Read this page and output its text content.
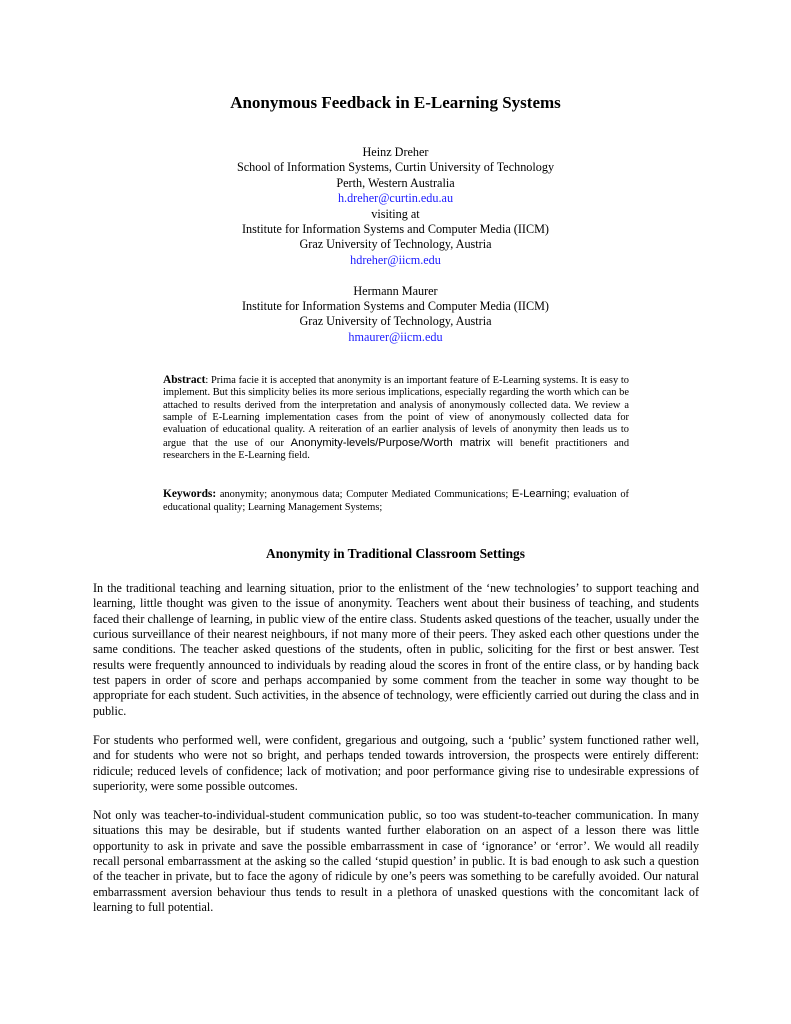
Anonymous Feedback in E-Learning Systems
Heinz Dreher
School of Information Systems, Curtin University of Technology
Perth, Western Australia
h.dreher@curtin.edu.au
visiting at
Institute for Information Systems and Computer Media (IICM)
Graz University of Technology, Austria
hdreher@iicm.edu
Hermann Maurer
Institute for Information Systems and Computer Media (IICM)
Graz University of Technology, Austria
hmaurer@iicm.edu

Abstract: Prima facie it is accepted that anonymity is an important feature of E-Learning systems. It is easy to implement. But this simplicity belies its more serious implications, especially regarding the worth which can be attached to results derived from the interpretation and analysis of anonymously collected data. We review a sample of E-Learning implementation cases from the point of view of anonymously collected data for evaluation of educational quality. A reiteration of an earlier analysis of levels of anonymity then leads us to argue that the use of our Anonymity-levels/Purpose/Worth matrix will benefit practitioners and researchers in the E-Learning field.

Keywords: anonymity; anonymous data; Computer Mediated Communications; E-Learning; evaluation of educational quality; Learning Management Systems;

Anonymity in Traditional Classroom Settings

In the traditional teaching and learning situation, prior to the enlistment of the ‘new technologies’ to support teaching and learning, little thought was given to the issue of anonymity. Teachers went about their business of teaching, and students faced their challenge of learning, in public view of the entire class. Students asked questions of the teacher, usually under the curious surveillance of their nearest neighbours, if not many more of their peers. They asked each other questions under the same conditions. The teacher asked questions of the students, often in public, soliciting for the first or best answer. Test results were frequently announced to individuals by reading aloud the scores in front of the entire class, or by handing back test papers in order of score and perhaps accompanied by some comment from the teacher in some way thought to be appropriate for each student. Such activities, in the absence of technology, were efficiently carried out during the class and in public.

For students who performed well, were confident, gregarious and outgoing, such a ‘public’ system functioned rather well, and for students who were not so bright, and perhaps tended towards introversion, the prospects were entirely different: ridicule; reduced levels of confidence; lack of motivation; and poor performance giving rise to undesirable expressions of superiority, were some possible outcomes.

Not only was teacher-to-individual-student communication public, so too was student-to-teacher communication. In many situations this may be desirable, but if students wanted further elaboration on an aspect of a lesson there was little opportunity to ask in private and save the possible embarrassment in case of ‘ignorance’ or ‘error’. We would all readily recall personal embarrassment at the asking so the called ‘stupid question’ in public. It is bad enough to ask such a question of the teacher in private, but to face the agony of ridicule by one’s peers was something to be carefully avoided. Our natural embarrassment aversion behaviour thus tends to result in a plethora of unasked questions with the concomitant lack of learning to full potential.
